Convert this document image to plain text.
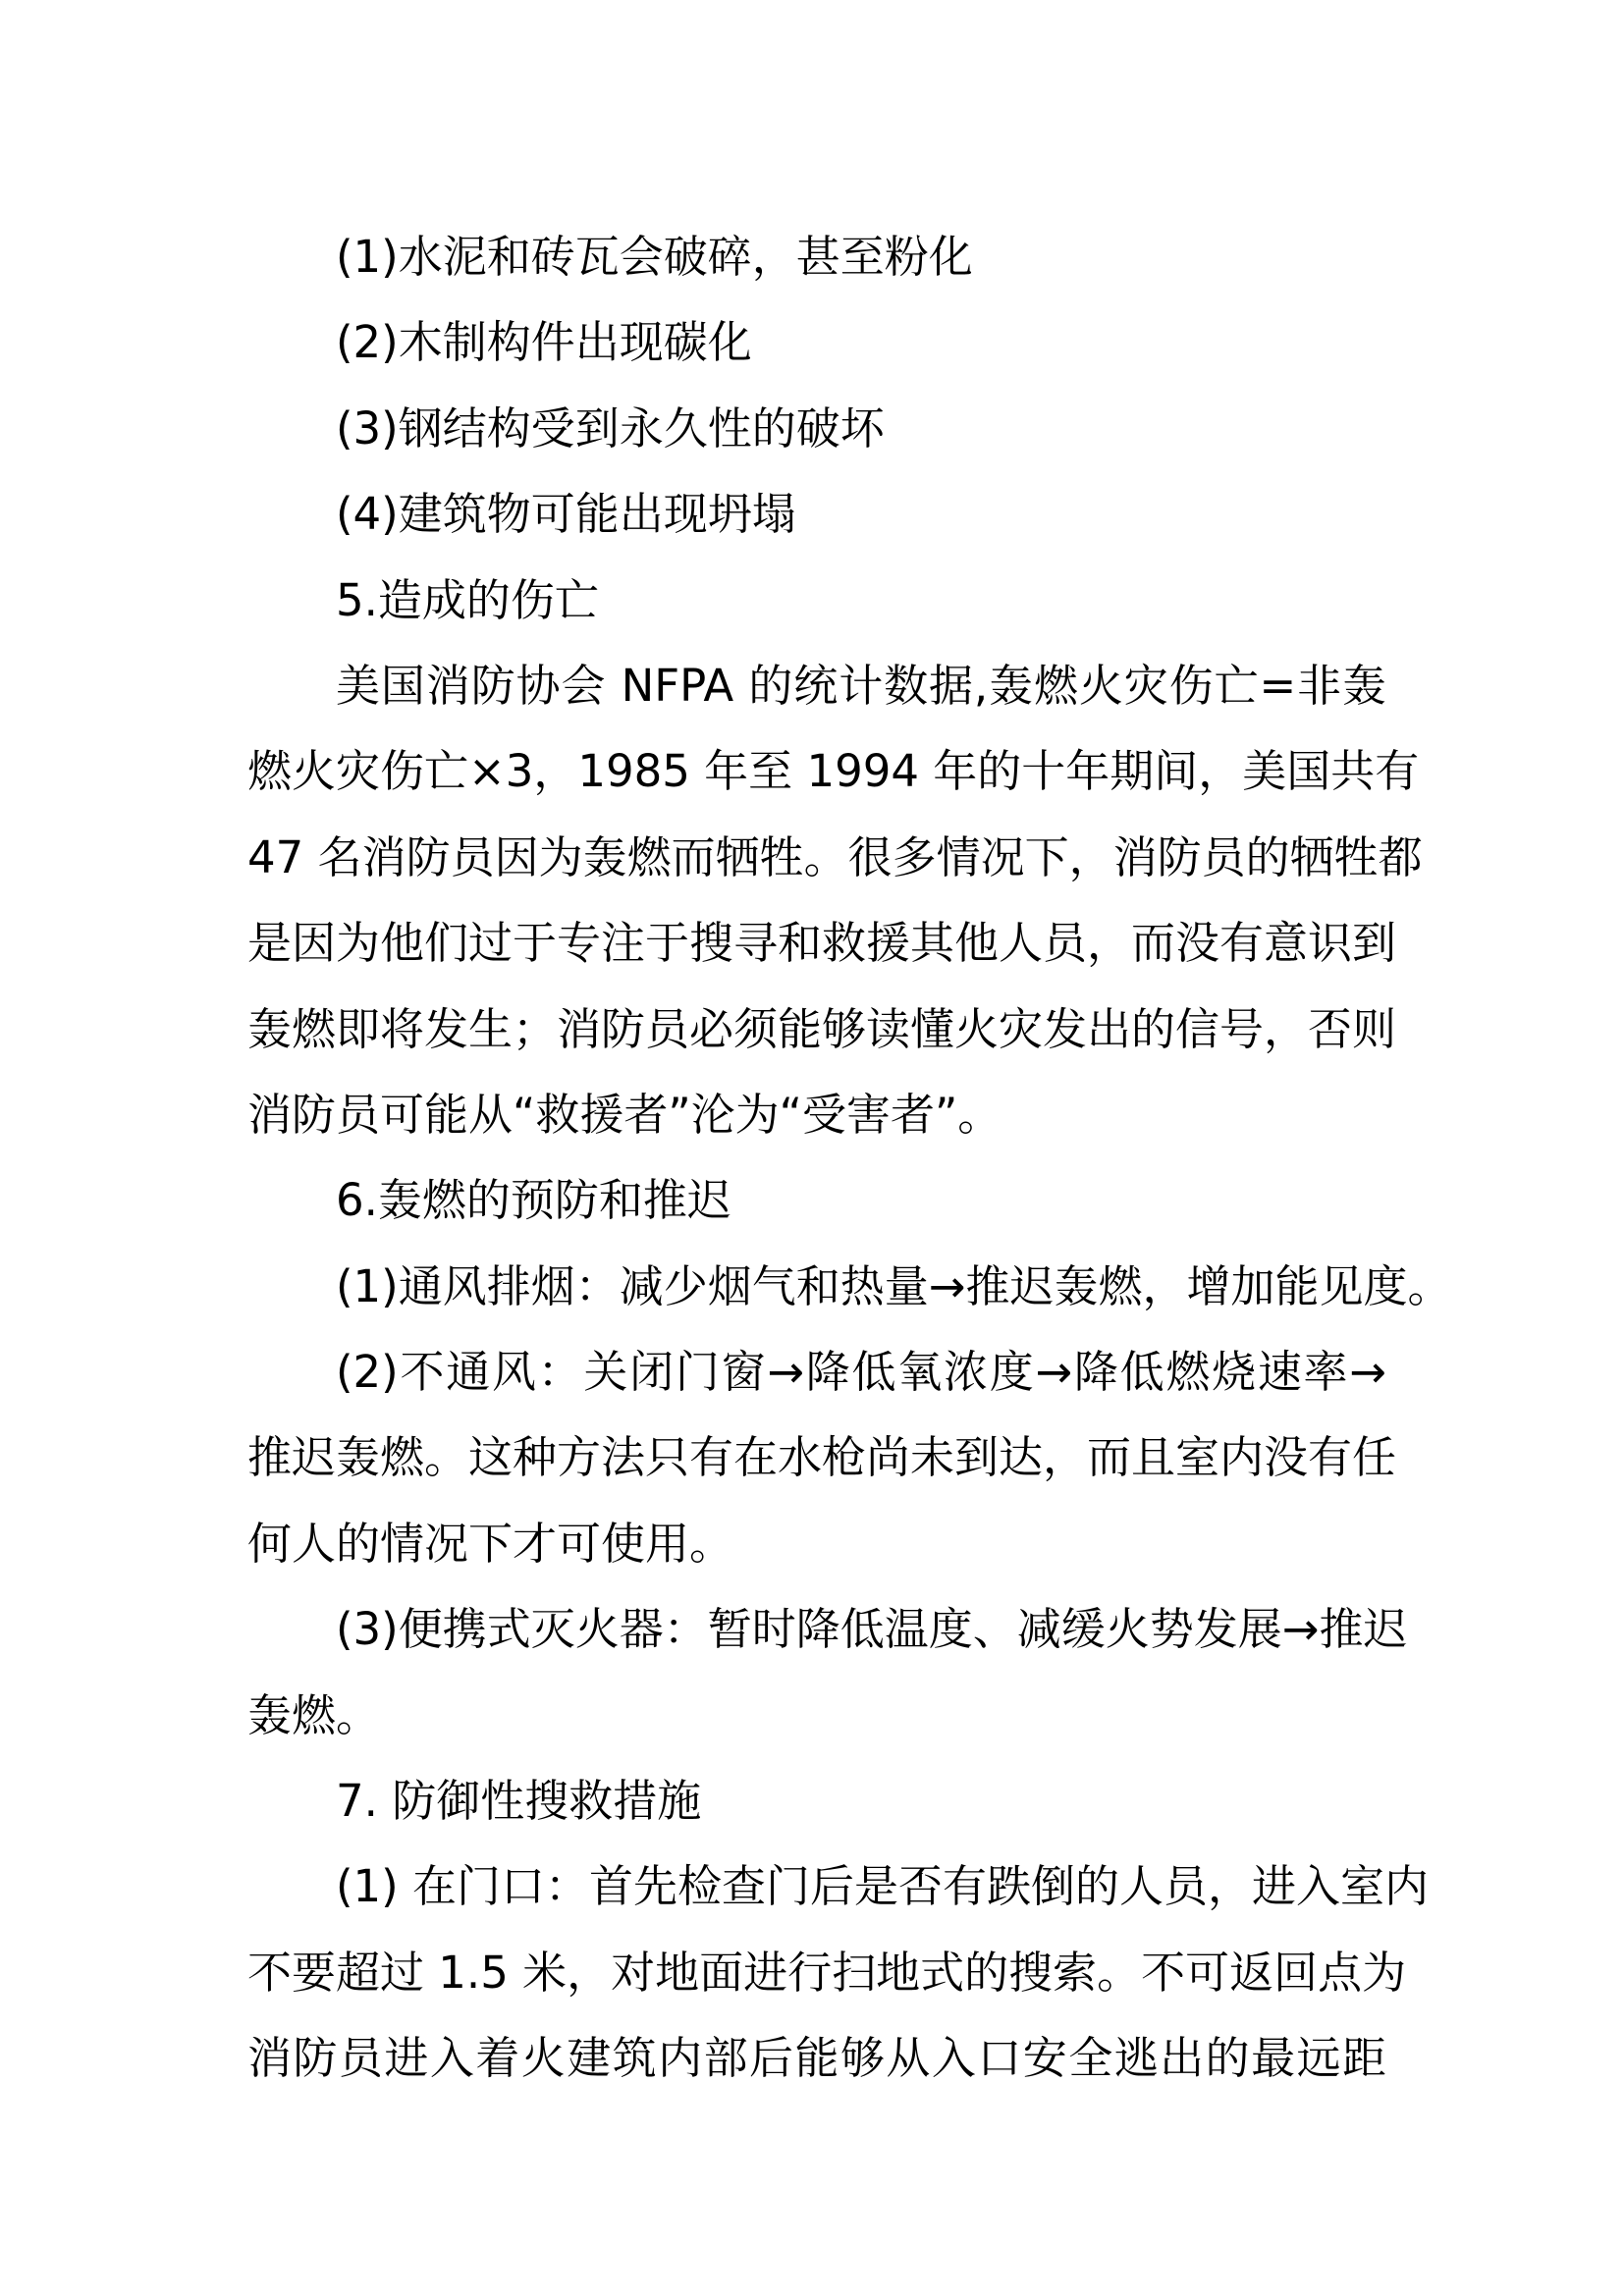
(1)水泥和砖瓦会破碎，甚至粉化
(2)木制构件出现碳化
(3)钢结构受到永久性的破坏
(4)建筑物可能出现坍塌
5.造成的伤亡
美国消防协会 NFPA 的统计数据,轰燃火灾伤亡=非轰
燃火灾伤亡×3，1985 年至 1994 年的十年期间，美国共有
47 名消防员因为轰燃而牺牲。很多情况下，消防员的牺牲都
是因为他们过于专注于搜寻和救援其他人员，而没有意识到
轰燃即将发生；消防员必须能够读懂火灾发出的信号，否则
消防员可能从“救援者”沦为“受害者”。
6.轰燃的预防和推迟
(1)通风排烟：减少烟气和热量→推迟轰燃，增加能见度。
(2)不通风：关闭门窗→降低氧浓度→降低燃烧速率→
推迟轰燃。这种方法只有在水枪尚未到达，而且室内没有任
何人的情况下才可使用。
(3)便携式灭火器：暂时降低温度、减缓火势发展→推迟
轰燃。
7. 防御性搜救措施
(1) 在门口：首先检查门后是否有跌倒的人员，进入室内
不要超过 1.5 米，对地面进行扫地式的搜索。不可返回点为
消防员进入着火建筑内部后能够从入口安全逃出的最远距
